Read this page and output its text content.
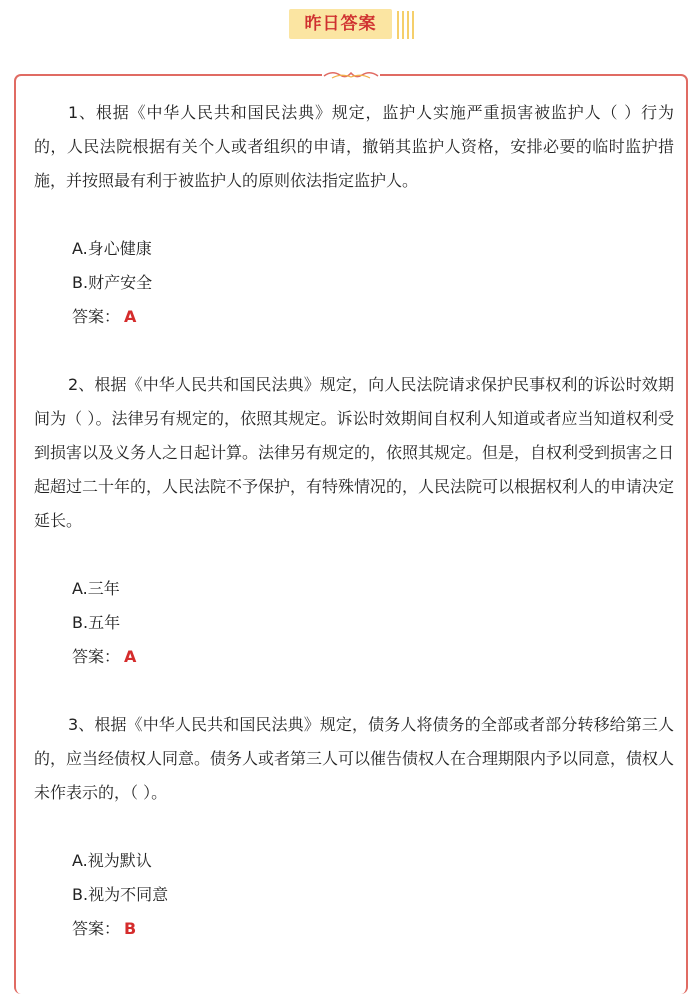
昨日答案

1、根据《中华人民共和国民法典》规定，监护人实施严重损害被监护人（ ）行为的，人民法院根据有关个人或者组织的申请，撤销其监护人资格，安排必要的临时监护措施，并按照最有利于被监护人的原则依法指定监护人。

A.身心健康

B.财产安全

答案： A

2、根据《中华人民共和国民法典》规定，向人民法院请求保护民事权利的诉讼时效期间为（ ）。法律另有规定的，依照其规定。诉讼时效期间自权利人知道或者应当知道权利受到损害以及义务人之日起计算。法律另有规定的，依照其规定。但是，自权利受到损害之日起超过二十年的，人民法院不予保护，有特殊情况的，人民法院可以根据权利人的申请决定延长。

A.三年

B.五年

答案： A

3、根据《中华人民共和国民法典》规定，债务人将债务的全部或者部分转移给第三人的，应当经债权人同意。债务人或者第三人可以催告债权人在合理期限内予以同意，债权人未作表示的，（ ）。

A.视为默认

B.视为不同意

答案： B
